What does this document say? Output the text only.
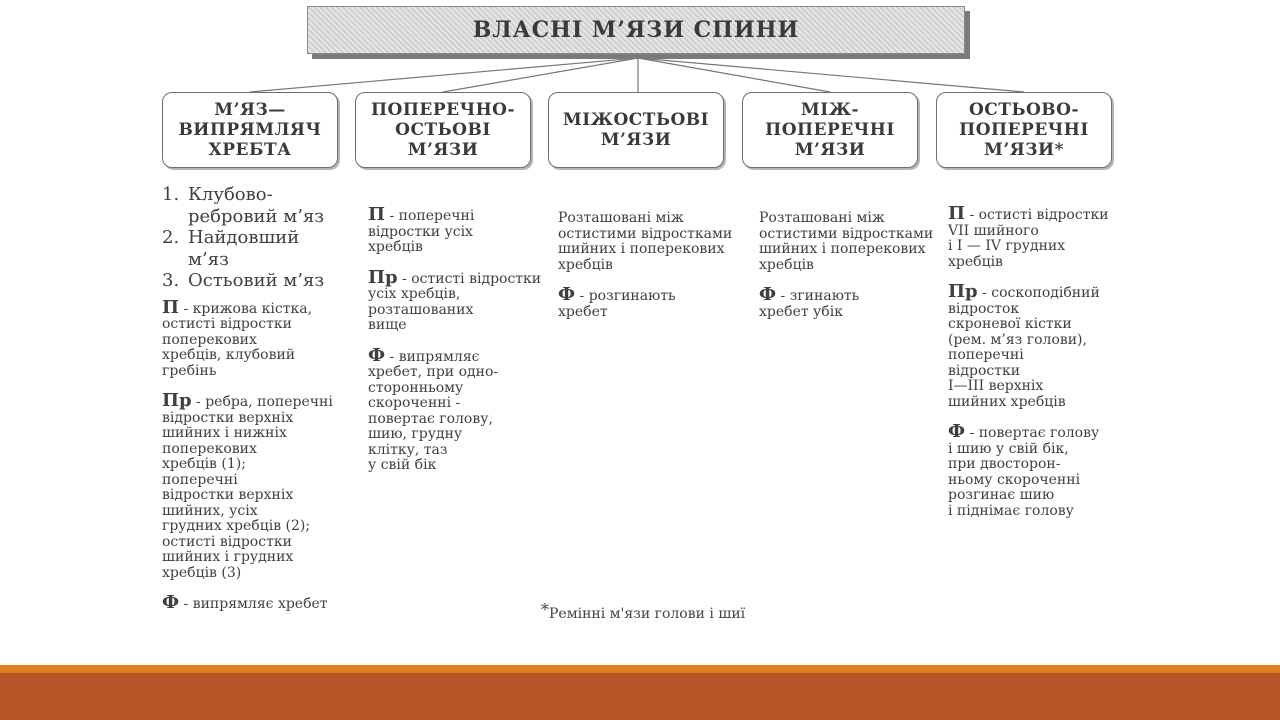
ВЛАСНІ М’ЯЗИ СПИНИ
М’ЯЗ—
ВИПРЯМЛЯЧ
ХРЕБТА
ПОПЕРЕЧНО-
ОСТЬОВІ
М’ЯЗИ
МІЖОСТЬОВІ
М’ЯЗИ
МІЖ-
ПОПЕРЕЧНІ
М’ЯЗИ
ОСТЬОВО-
ПОПЕРЕЧНІ
М’ЯЗИ*
1. Клубово-
ребровий м’яз
2. Найдовший
м’яз
3. Остьовий м’яз
П - крижова кістка,
остисті відростки
поперекових
хребців, клубовий
гребінь
Пр - ребра, поперечні
відростки верхніх
шийних і нижніх
поперекових
хребців (1);
поперечні
відростки верхніх
шийних, усіх
грудних хребців (2);
остисті відростки
шийних і грудних
хребців (3)
Ф - випрямляє хребет
П - поперечні
відростки усіх
хребців
Пр - остисті відростки
усіх хребців,
розташованих
вище
Ф - випрямляє
хребет, при одно-
сторонньому
скороченні -
повертає голову,
шию, грудну
клітку, таз
у свій бік
Розташовані між
остистими відростками
шийних і поперекових
хребців
Ф - розгинають
хребет
Розташовані між
остистими відростками
шийних і поперекових
хребців
Ф - згинають
хребет убік
П - остисті відростки
VII шийного
і I — IV грудних
хребців
Пр - соскоподібний
відросток
скроневої кістки
(рем. м’яз голови),
поперечні
відростки
I—III верхніх
шийних хребців
Ф - повертає голову
і шию у свій бік,
при двосторон-
ньому скороченні
розгинає шию
і піднімає голову
*Ремінні м'язи голови і шиї
